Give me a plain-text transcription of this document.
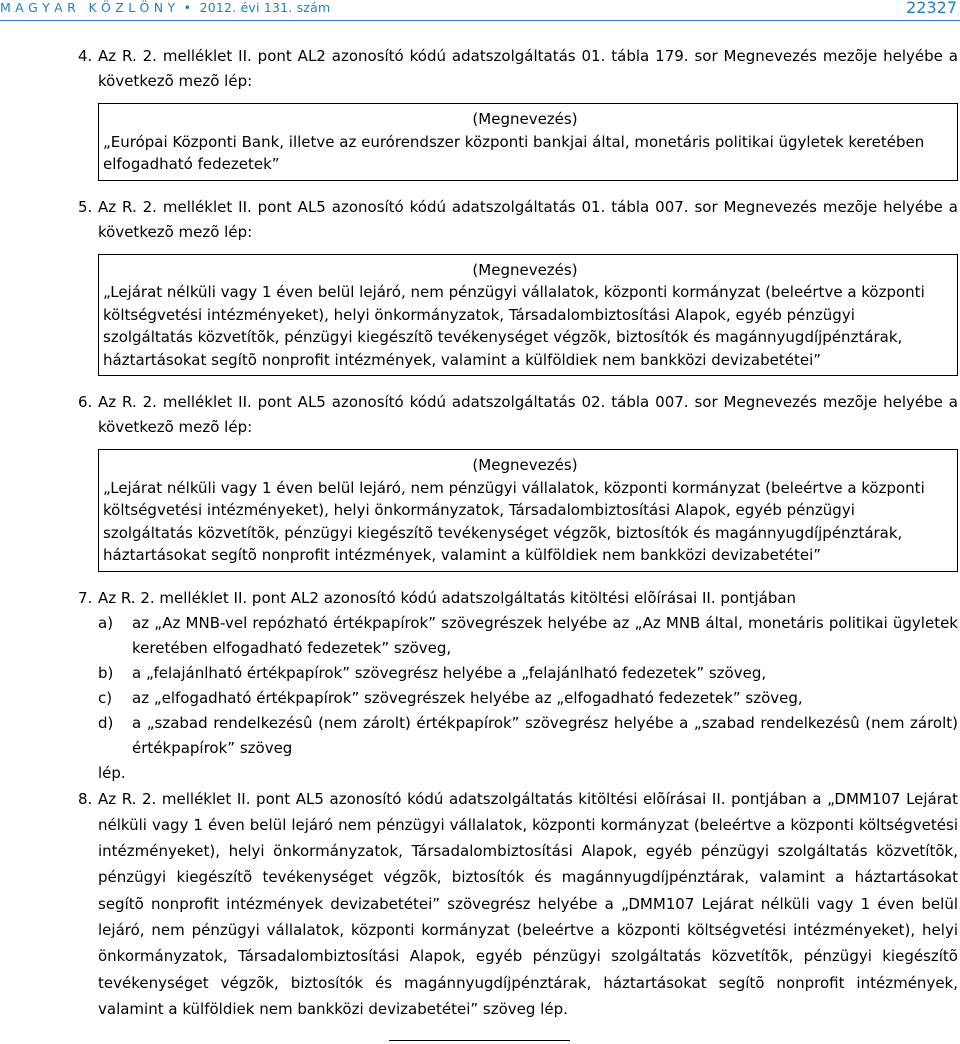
M A G Y A R   K Ö Z L Ö N Y  •  2012. évi 131. szám	22327
4. Az R. 2. melléklet II. pont AL2 azonosító kódú adatszolgáltatás 01. tábla 179. sor Megnevezés mezõje helyébe a következõ mezõ lép:
(Megnevezés)
„Európai Központi Bank, illetve az eurórendszer központi bankjai által, monetáris politikai ügyletek keretében elfogadható fedezetek”
5. Az R. 2. melléklet II. pont AL5 azonosító kódú adatszolgáltatás 01. tábla 007. sor Megnevezés mezõje helyébe a következõ mezõ lép:
(Megnevezés)
„Lejárat nélküli vagy 1 éven belül lejáró, nem pénzügyi vállalatok, központi kormányzat (beleértve a központi költségvetési intézményeket), helyi önkormányzatok, Társadalombiztosítási Alapok, egyéb pénzügyi szolgáltatás közvetítõk, pénzügyi kiegészítõ tevékenységet végzõk, biztosítók és magánnyugdíjpénztárak, háztartásokat segítõ nonprofit intézmények, valamint a külföldiek nem bankközi devizabetétei”
6. Az R. 2. melléklet II. pont AL5 azonosító kódú adatszolgáltatás 02. tábla 007. sor Megnevezés mezõje helyébe a következõ mezõ lép:
(Megnevezés)
„Lejárat nélküli vagy 1 éven belül lejáró, nem pénzügyi vállalatok, központi kormányzat (beleértve a központi költségvetési intézményeket), helyi önkormányzatok, Társadalombiztosítási Alapok, egyéb pénzügyi szolgáltatás közvetítõk, pénzügyi kiegészítõ tevékenységet végzõk, biztosítók és magánnyugdíjpénztárak, háztartásokat segítõ nonprofit intézmények, valamint a külföldiek nem bankközi devizabetétei”
7. Az R. 2. melléklet II. pont AL2 azonosító kódú adatszolgáltatás kitöltési elõírásai II. pontjában
a) az „Az MNB-vel repózható értékpapírok” szövegrészek helyébe az „Az MNB által, monetáris politikai ügyletek keretében elfogadható fedezetek” szöveg,
b) a „felajánlható értékpapírok” szövegrész helyébe a „felajánlható fedezetek” szöveg,
c) az „elfogadható értékpapírok” szövegrészek helyébe az „elfogadható fedezetek” szöveg,
d) a „szabad rendelkezésû (nem zárolt) értékpapírok” szövegrész helyébe a „szabad rendelkezésû (nem zárolt) értékpapírok” szöveg
lép.
8. Az R. 2. melléklet II. pont AL5 azonosító kódú adatszolgáltatás kitöltési elõírásai II. pontjában a „DMM107 Lejárat nélküli vagy 1 éven belül lejáró nem pénzügyi vállalatok, központi kormányzat (beleértve a központi költségvetési intézményeket), helyi önkormányzatok, Társadalombiztosítási Alapok, egyéb pénzügyi szolgáltatás közvetítõk, pénzügyi kiegészítõ tevékenységet végzõk, biztosítók és magánnyugdíjpénztárak, valamint a háztartásokat segítõ nonprofit intézmények devizabetétei” szövegrész helyébe a „DMM107 Lejárat nélküli vagy 1 éven belül lejáró, nem pénzügyi vállalatok, központi kormányzat (beleértve a központi költségvetési intézményeket), helyi önkormányzatok, Társadalombiztosítási Alapok, egyéb pénzügyi szolgáltatás közvetítõk, pénzügyi kiegészítõ tevékenységet végzõk, biztosítók és magánnyugdíjpénztárak, háztartásokat segítõ nonprofit intézmények, valamint a külföldiek nem bankközi devizabetétei” szöveg lép.
